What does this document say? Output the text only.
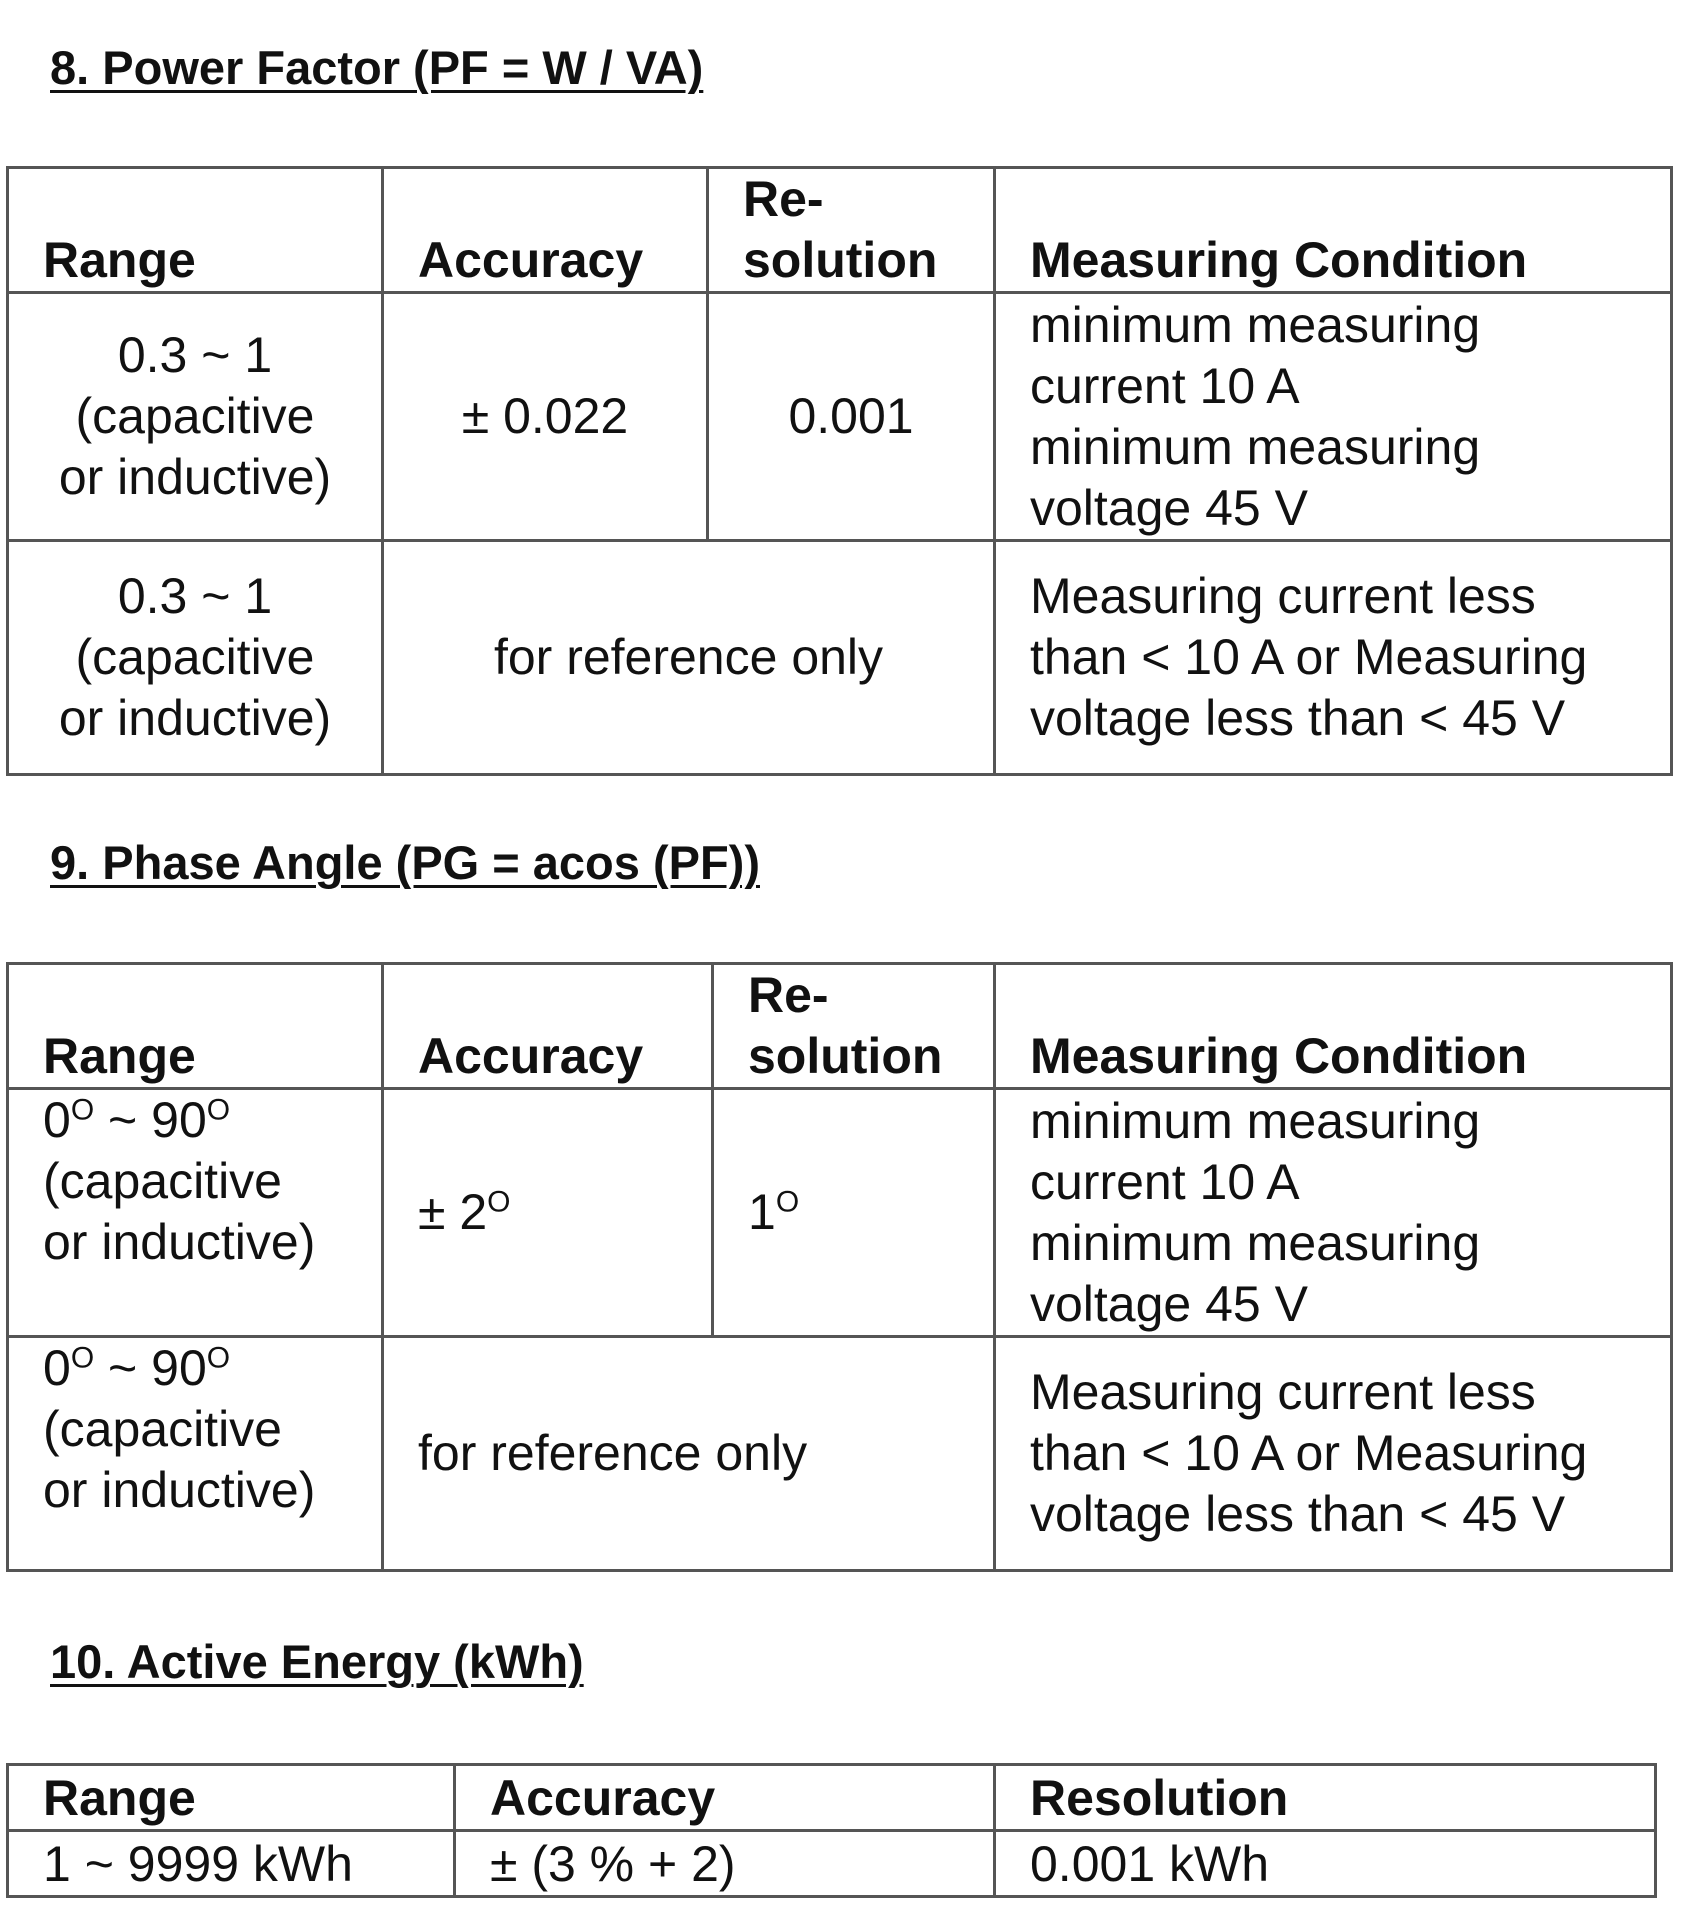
8. Power Factor (PF = W / VA)
Range	Accuracy	Re-
solution	Measuring Condition
0.3 ~ 1
(capacitive
or inductive)	± 0.022	0.001	minimum measuring
current 10 A
minimum measuring
voltage 45 V
0.3 ~ 1
(capacitive
or inductive)	for reference only		Measuring current less
than < 10 A or Measuring
voltage less than < 45 V
9. Phase Angle (PG = acos (PF))
Range	Accuracy	Re-
solution	Measuring Condition
$0^O$ ~ $90^O$
(capacitive
or inductive)	± $2^O$	$1^O$	minimum measuring
current 10 A
minimum measuring
voltage 45 V
$0^O$ ~ $90^O$
(capacitive
or inductive)	for reference only		Measuring current less
than < 10 A or Measuring
voltage less than < 45 V
10. Active Energy (kWh)
Range	Accuracy	Resolution
1 ~ 9999 kWh	± (3 % + 2)	0.001 kWh
